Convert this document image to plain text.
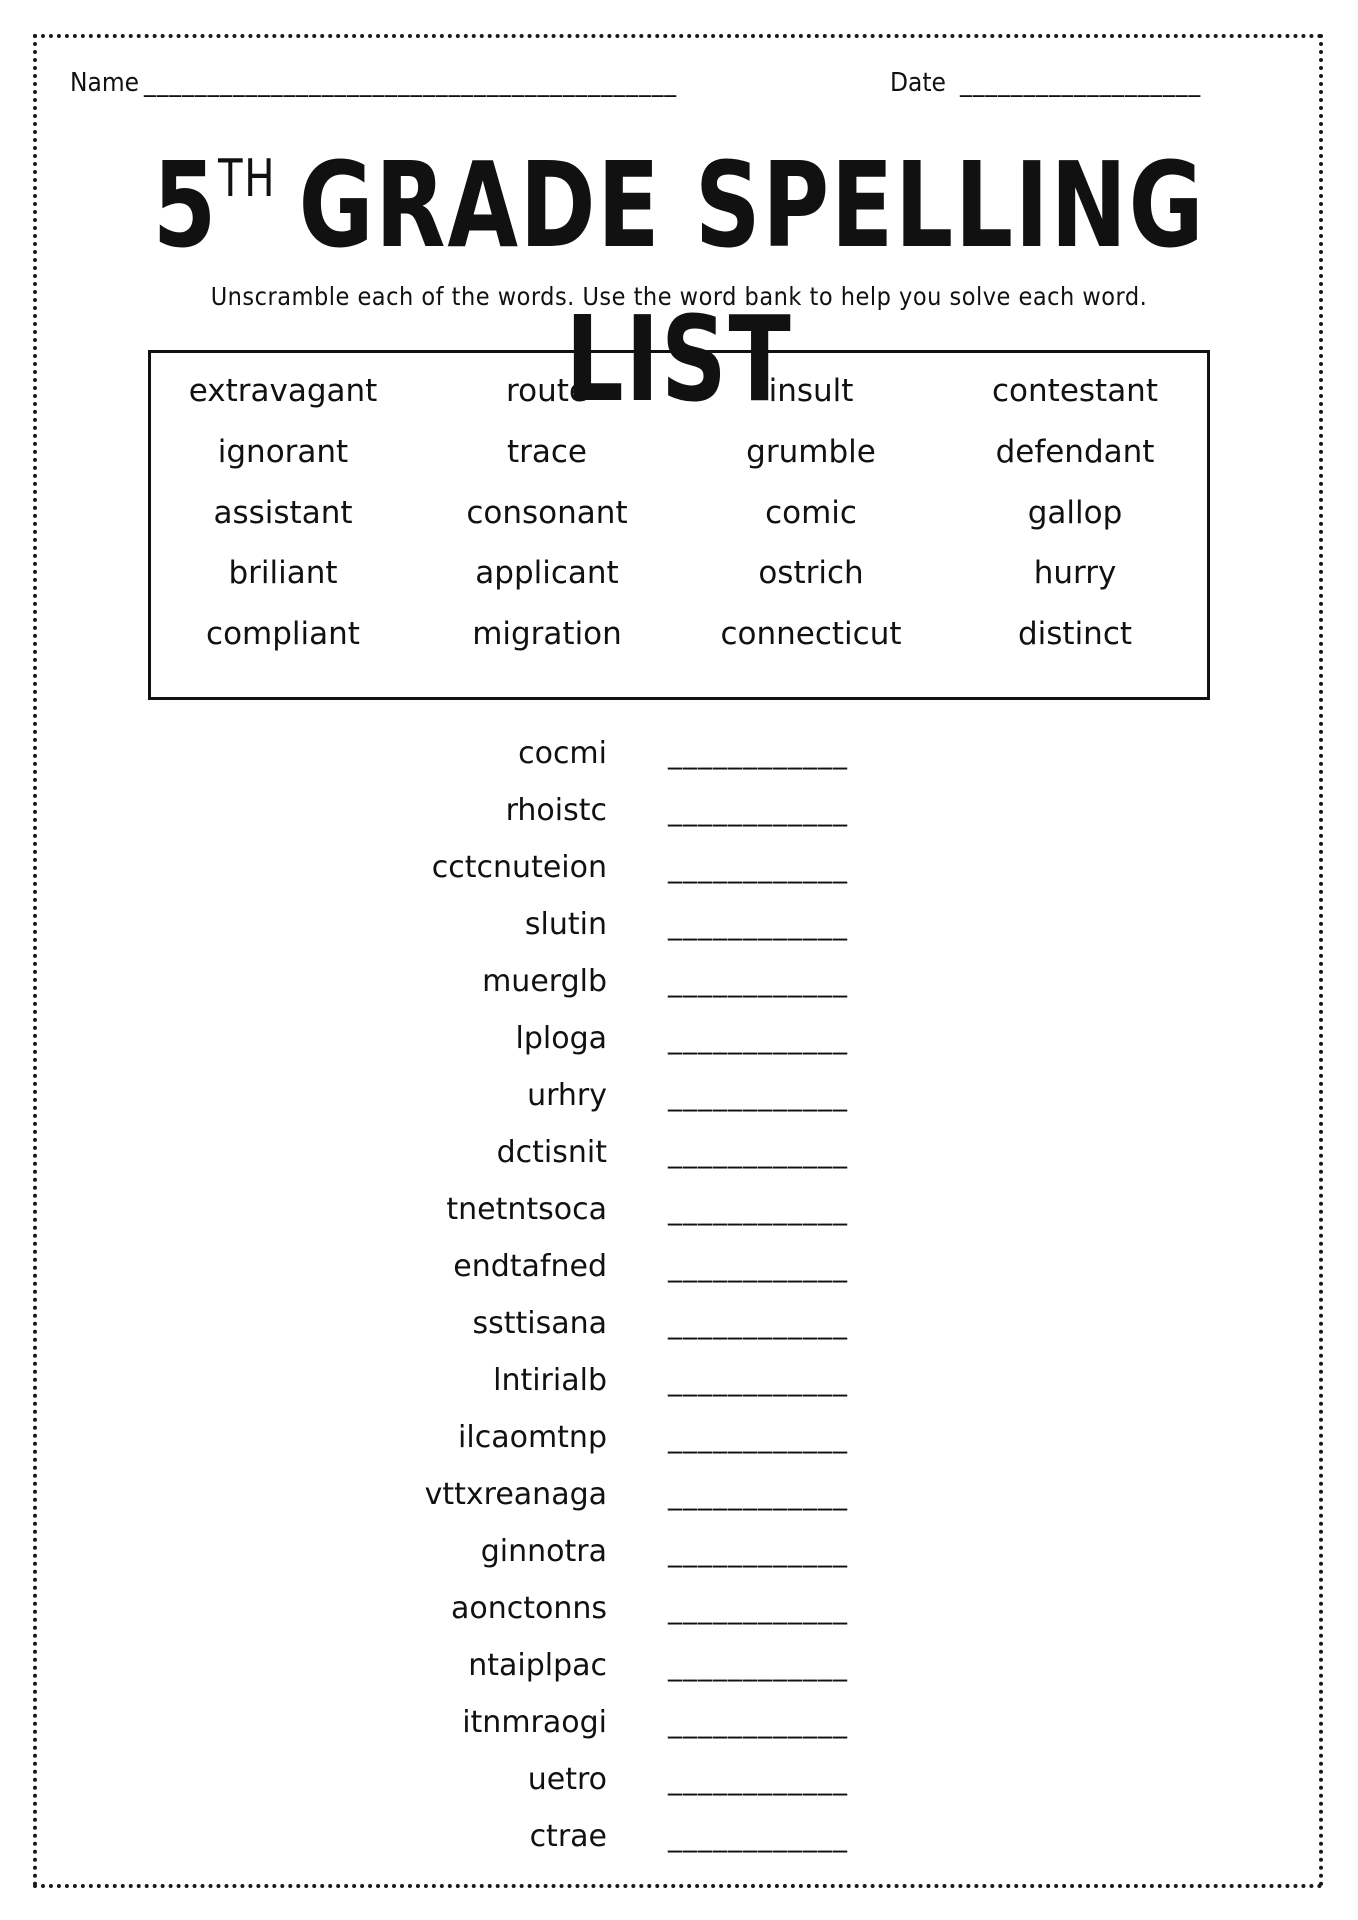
Name __________________________________________	Date ___________________
5TH GRADE SPELLING LIST
Unscramble each of the words. Use the word bank to help you solve each word.
extravagant	route	insult	contestant
ignorant	trace	grumble	defendant
assistant	consonant	comic	gallop
briliant	applicant	ostrich	hurry
compliant	migration	connecticut	distinct
cocmi ____________
rhoistc ____________
cctcnuteion ____________
slutin ____________
muerglb ____________
lploga ____________
urhry ____________
dctisnit ____________
tnetntsoca ____________
endtafned ____________
ssttisana ____________
lntirialb ____________
ilcaomtnp ____________
vttxreanaga ____________
ginnotra ____________
aonctonns ____________
ntaiplpac ____________
itnmraogi ____________
uetro ____________
ctrae ____________
